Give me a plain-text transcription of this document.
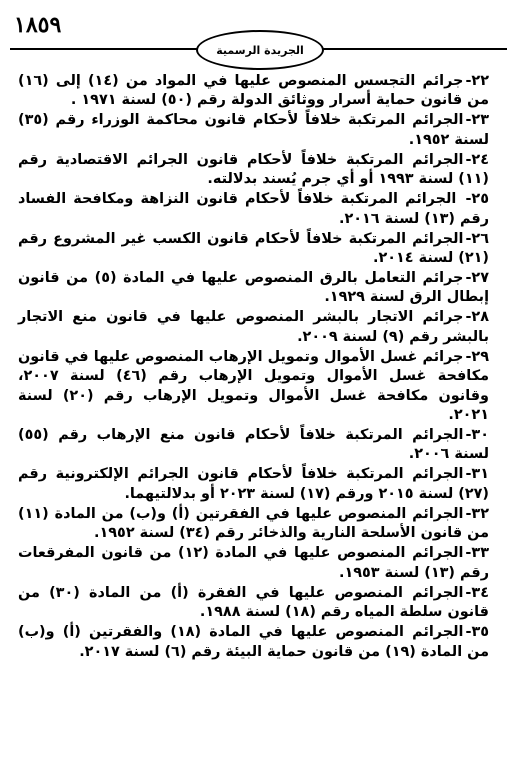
١٨٥٩
الجريدة الرسمية

٢٢-جرائم التجسس المنصوص عليها في المواد من (١٤) إلى (١٦) من قانون حماية أسرار ووثائق الدولة رقم (٥٠) لسنة ١٩٧١ .

٢٣-الجرائم المرتكبة خلافاً لأحكام قانون محاكمة الوزراء رقم (٣٥) لسنة ١٩٥٢.

٢٤-الجرائم المرتكبة خلافاً لأحكام قانون الجرائم الاقتصادية رقم (١١) لسنة ١٩٩٣ أو أي جرم يُسند بدلالته.

٢٥- الجرائم المرتكبة خلافاً لأحكام قانون النزاهة ومكافحة الفساد رقم (١٣) لسنة ٢٠١٦.

٢٦-الجرائم المرتكبة خلافاً لأحكام قانون الكسب غير المشروع رقم (٢١) لسنة ٢٠١٤.

٢٧-جرائم التعامل بالرق المنصوص عليها في المادة (٥) من قانون إبطال الرق لسنة ١٩٢٩.

٢٨-جرائم الاتجار بالبشر المنصوص عليها في قانون منع الاتجار بالبشر رقم (٩) لسنة ٢٠٠٩.

٢٩-جرائم غسل الأموال وتمويل الإرهاب المنصوص عليها في قانون مكافحة غسل الأموال وتمويل الإرهاب رقم (٤٦) لسنة ٢٠٠٧، وقانون مكافحة غسل الأموال وتمويل الإرهاب رقم (٢٠) لسنة ٢٠٢١.

٣٠-الجرائم المرتكبة خلافاً لأحكام قانون منع الإرهاب رقم (٥٥) لسنة ٢٠٠٦.

٣١-الجرائم المرتكبة خلافاً لأحكام قانون الجرائم الإلكترونية رقم (٢٧) لسنة ٢٠١٥ ورقم (١٧) لسنة ٢٠٢٣ أو بدلالتيهما.

٣٢-الجرائم المنصوص عليها في الفقرتين (أ) و(ب) من المادة (١١) من قانون الأسلحة النارية والذخائر رقم (٣٤) لسنة ١٩٥٢.

٣٣-الجرائم المنصوص عليها في المادة (١٢) من قانون المفرقعات رقم (١٣) لسنة ١٩٥٣.

٣٤-الجرائم المنصوص عليها في الفقرة (أ) من المادة (٣٠) من قانون سلطة المياه رقم (١٨) لسنة ١٩٨٨.

٣٥-الجرائم المنصوص عليها في المادة (١٨) والفقرتين (أ) و(ب) من المادة (١٩) من قانون حماية البيئة رقم (٦) لسنة ٢٠١٧.
